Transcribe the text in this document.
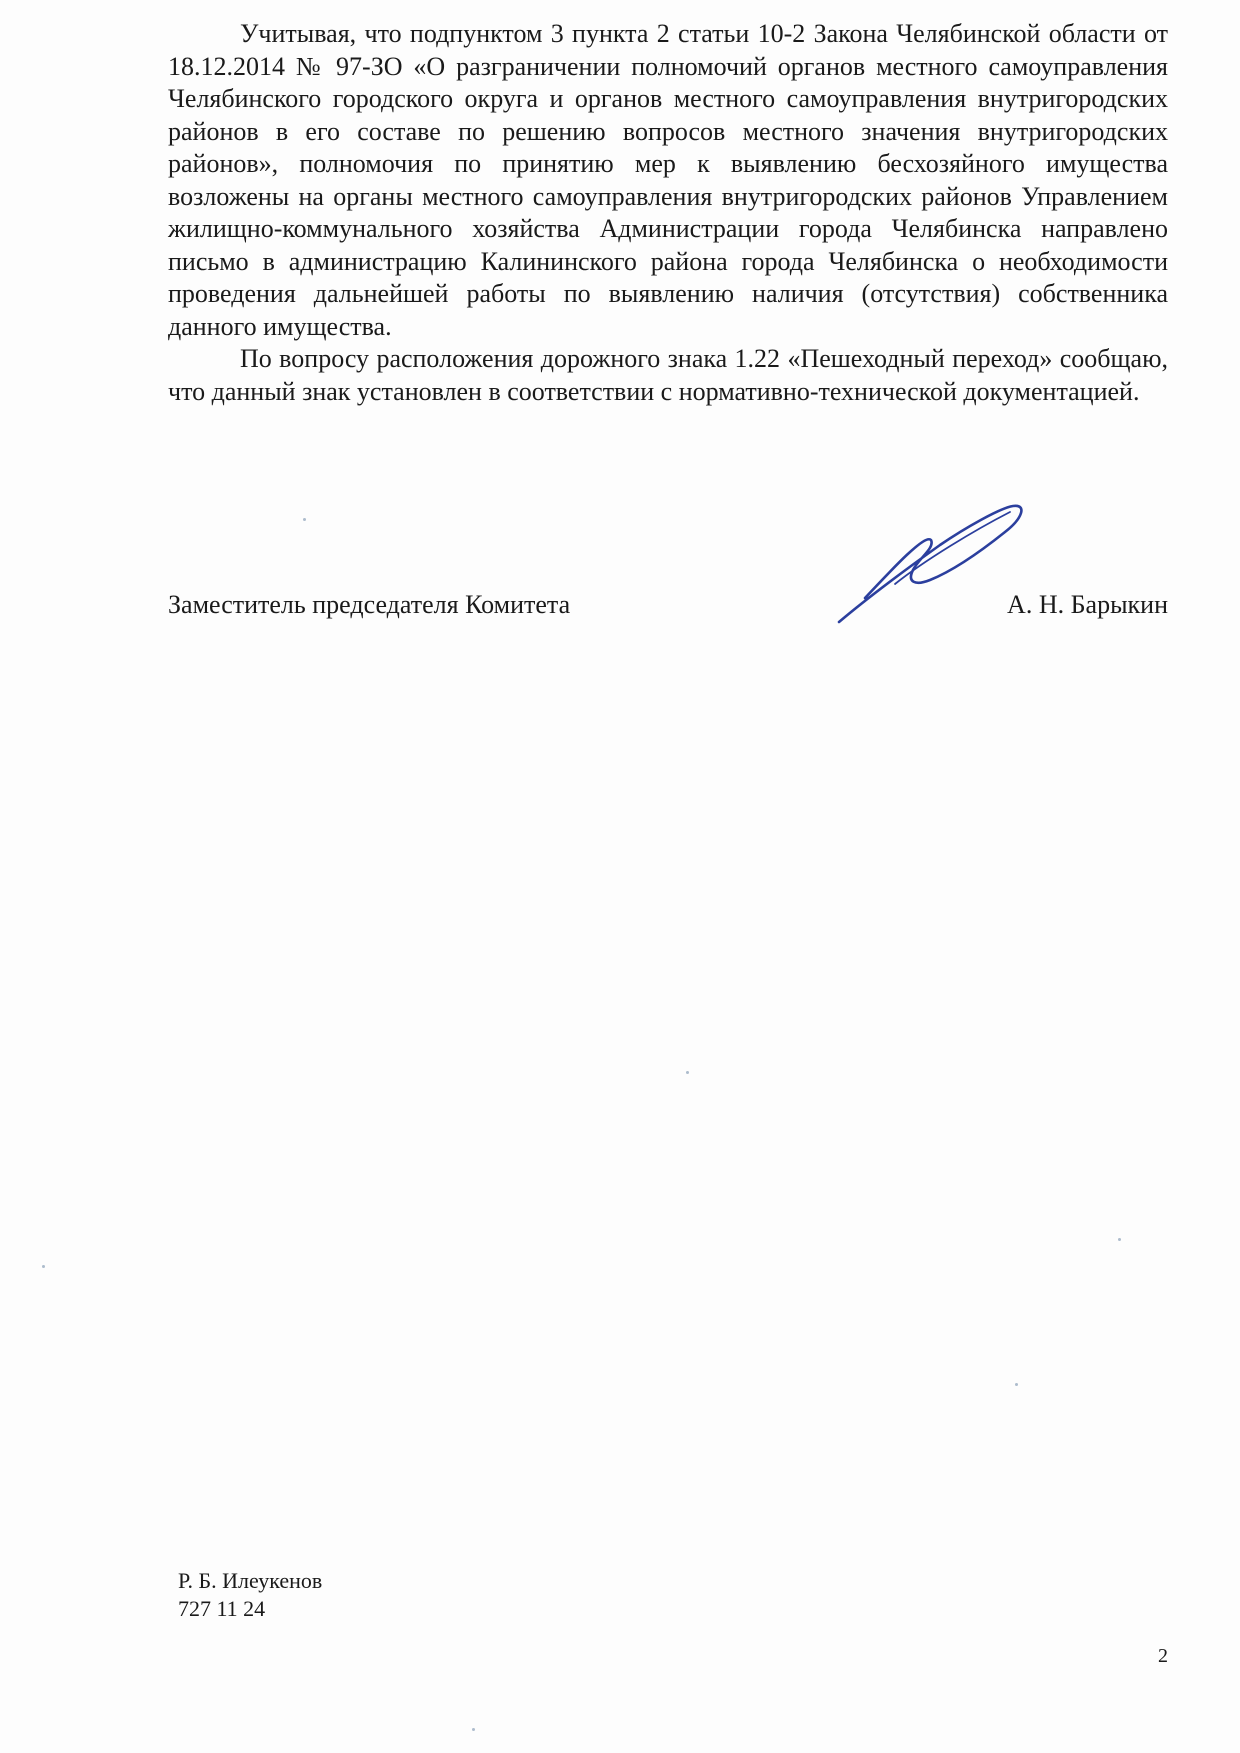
Учитывая, что подпунктом 3 пункта 2 статьи 10-2 Закона Челябинской области от 18.12.2014 № 97-ЗО «О разграничении полномочий органов местного самоуправления Челябинского городского округа и органов местного самоуправления внутригородских районов в его составе по решению вопросов местного значения внутригородских районов», полномочия по принятию мер к выявлению бесхозяйного имущества возложены на органы местного самоуправления внутригородских районов Управлением жилищно-коммунального хозяйства Администрации города Челябинска направлено письмо в администрацию Калининского района города Челябинска о необходимости проведения дальнейшей работы по выявлению наличия (отсутствия) собственника данного имущества.

По вопросу расположения дорожного знака 1.22 «Пешеходный переход» сообщаю, что данный знак установлен в соответствии с нормативно-технической документацией.

Заместитель председателя Комитета	А. Н. Барыкин
Р. Б. Илеукенов
727 11 24
2
